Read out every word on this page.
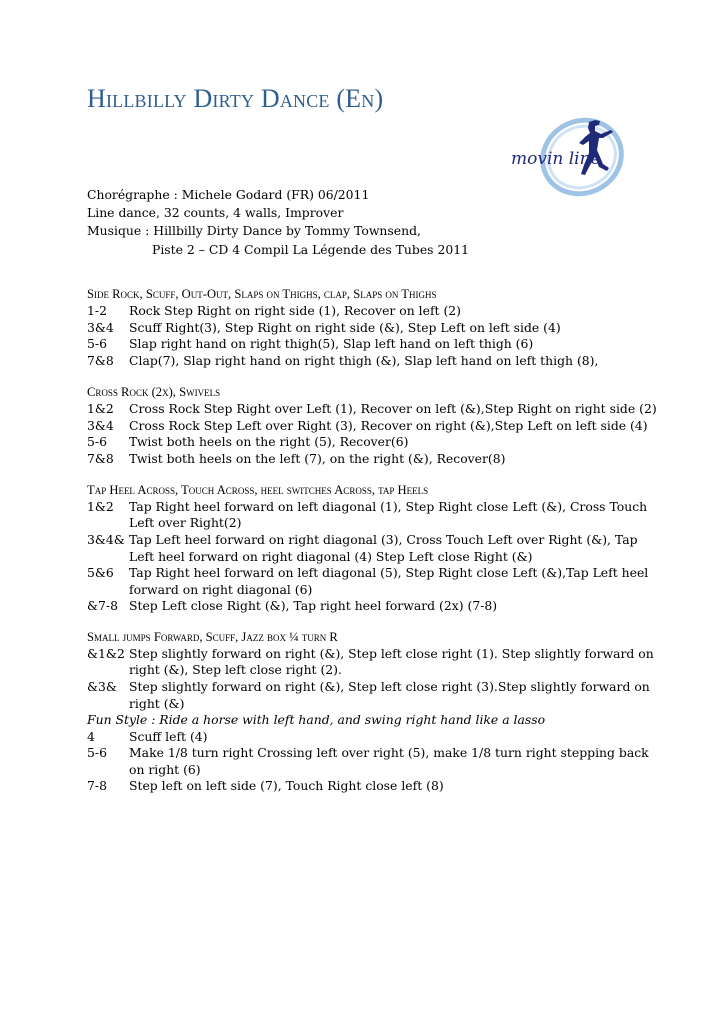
Hillbilly Dirty Dance (En)
movin line
Chorégraphe : Michele Godard (FR) 06/2011
Line dance, 32 counts, 4 walls, Improver
Musique : Hillbilly Dirty Dance by Tommy Townsend,
Piste 2 – CD 4 Compil La Légende des Tubes 2011
Side Rock, Scuff, Out-Out, Slaps on Thighs, clap, Slaps on Thighs
1-2	Rock Step Right on right side (1), Recover on left (2)
3&4	Scuff Right(3), Step Right on right side (&), Step Left on left side (4)
5-6	Slap right hand on right thigh(5), Slap left hand on left thigh (6)
7&8	Clap(7), Slap right hand on right thigh (&), Slap left hand on left thigh (8),
Cross Rock (2x), Swivels
1&2	Cross Rock Step Right over Left (1), Recover on left (&),Step Right on right side (2)
3&4	Cross Rock Step Left over Right (3), Recover on right (&),Step Left on left side (4)
5-6	Twist both heels on the right (5), Recover(6)
7&8	Twist both heels on the left (7), on the right (&), Recover(8)
Tap Heel Across, Touch Across, heel switches Across, tap Heels
1&2	Tap Right heel forward on left diagonal (1), Step Right close Left (&), Cross Touch Left over Right(2)
3&4& Tap Left heel forward on right diagonal (3), Cross Touch Left over Right (&), Tap Left heel forward on right diagonal (4) Step Left close Right (&)
5&6	Tap Right heel forward on left diagonal (5), Step Right close Left (&),Tap Left heel forward on right diagonal (6)
&7-8 Step Left close Right (&), Tap right heel forward (2x) (7-8)
Small jumps Forward, Scuff, Jazz box ¼ turn R
&1&2 Step slightly forward on right (&), Step left close right (1). Step slightly forward on right (&), Step left close right (2).
&3& Step slightly forward on right (&), Step left close right (3).Step slightly forward on right (&)
Fun Style : Ride a horse with left hand, and swing right hand like a lasso
4	Scuff left (4)
5-6 Make 1/8 turn right Crossing left over right (5), make 1/8 turn right stepping back on right (6)
7-8	Step left on left side (7), Touch Right close left (8)
